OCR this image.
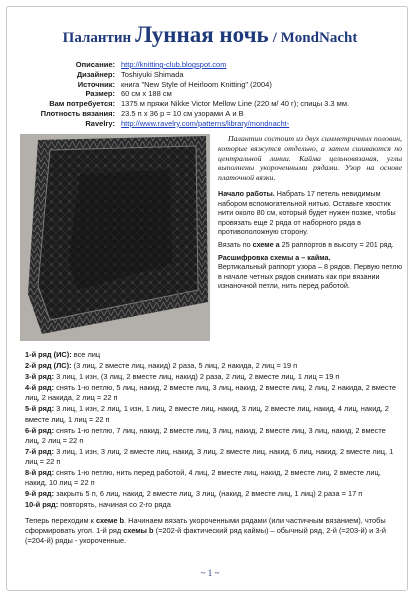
Палантин Лунная ночь / MondNacht
Описание: http://knitting-club.blogspot.com
Дизайнер: Toshiyuki Shimada
Источник: книга "New Style of Heirloom Knitting" (2004)
Размер: 60 см x 188 см
Вам потребуется: 1375 м пряжи Nikke Victor Mellow Line (220 м/ 40 г); спицы 3.3 мм.
Плотность вязания: 23.5 п x 36 р = 10 см узорами А и В
Ravelry: http://www.ravelry.com/patterns/library/mondnacht-

Палантин состоит из двух симметричных половин, которые вяжутся отдельно, а затем сшиваются по центральной линии. Кайма цельновязаная, углы выполнены укороченными рядами. Узор на основе платочной вязки.

Начало работы. Набрать 17 петель невидимым набором вспомогательной нитью. Оставьте хвостик нити около 80 см, который будет нужен позже, чтобы провязать еще 2 ряда от наборного ряда в противоположную сторону.

Вязать по схеме а 25 раппортов в высоту = 201 ряд.

Расшифровка схемы а – кайма.
Вертикальный раппорт узора – 8 рядов. Первую петлю в начале четных рядов снимать как при вязании изнаночной петли, нить перед работой.

1-й ряд (ИС): все лиц
2-й ряд (ЛС): (3 лиц, 2 вместе лиц, накид) 2 раза, 5 лиц, 2 накида, 2 лиц = 19 п
3-й ряд: 3 лиц, 1 изн, (3 лиц, 2 вместе лиц, накид) 2 раза, 2 лиц, 2 вместе лиц, 1 лиц = 19 п
4-й ряд: снять 1-ю петлю, 5 лиц, накид, 2 вместе лиц, 3 лиц, накид, 2 вместе лиц, 2 лиц, 2 накида, 2 вместе лиц, 2 накида, 2 лиц = 22 п
5-й ряд: 3 лиц, 1 изн, 2 лиц, 1 изн, 1 лиц, 2 вместе лиц, накид, 3 лиц, 2 вместе лиц, накид, 4 лиц, накид, 2 вместе лиц, 1 лиц = 22 п
6-й ряд: снять 1-ю петлю, 7 лиц, накид, 2 вместе лиц, 3 лиц, накид, 2 вместе лиц, 3 лиц, накид, 2 вместе лиц, 2 лиц = 22 п
7-й ряд: 3 лиц, 1 изн, 3 лиц, 2 вместе лиц, накид, 3 лиц, 2 вместе лиц, накид, 6 лиц, накид, 2 вместе лиц, 1 лиц = 22 п
8-й ряд: снять 1-ю петлю, нить перед работой, 4 лиц, 2 вместе лиц, накид, 2 вместе лиц, 2 вместе лиц, накид, 10 лиц = 22 п
9-й ряд: закрыть 5 п, 6 лиц, накид, 2 вместе лиц, 3 лиц, (накид, 2 вместе лиц, 1 лиц) 2 раза = 17 п
10-й ряд: повторять, начиная со 2-го ряда
Теперь переходим к схеме b. Начинаем вязать укороченными рядами (или частичным вязанием), чтобы сформировать угол. 1-й ряд схемы b (=202-й фактический ряд каймы) – обычный ряд, 2-й (=203-й) и 3-й (=204-й) ряды - укороченные.
~ 1 ~
